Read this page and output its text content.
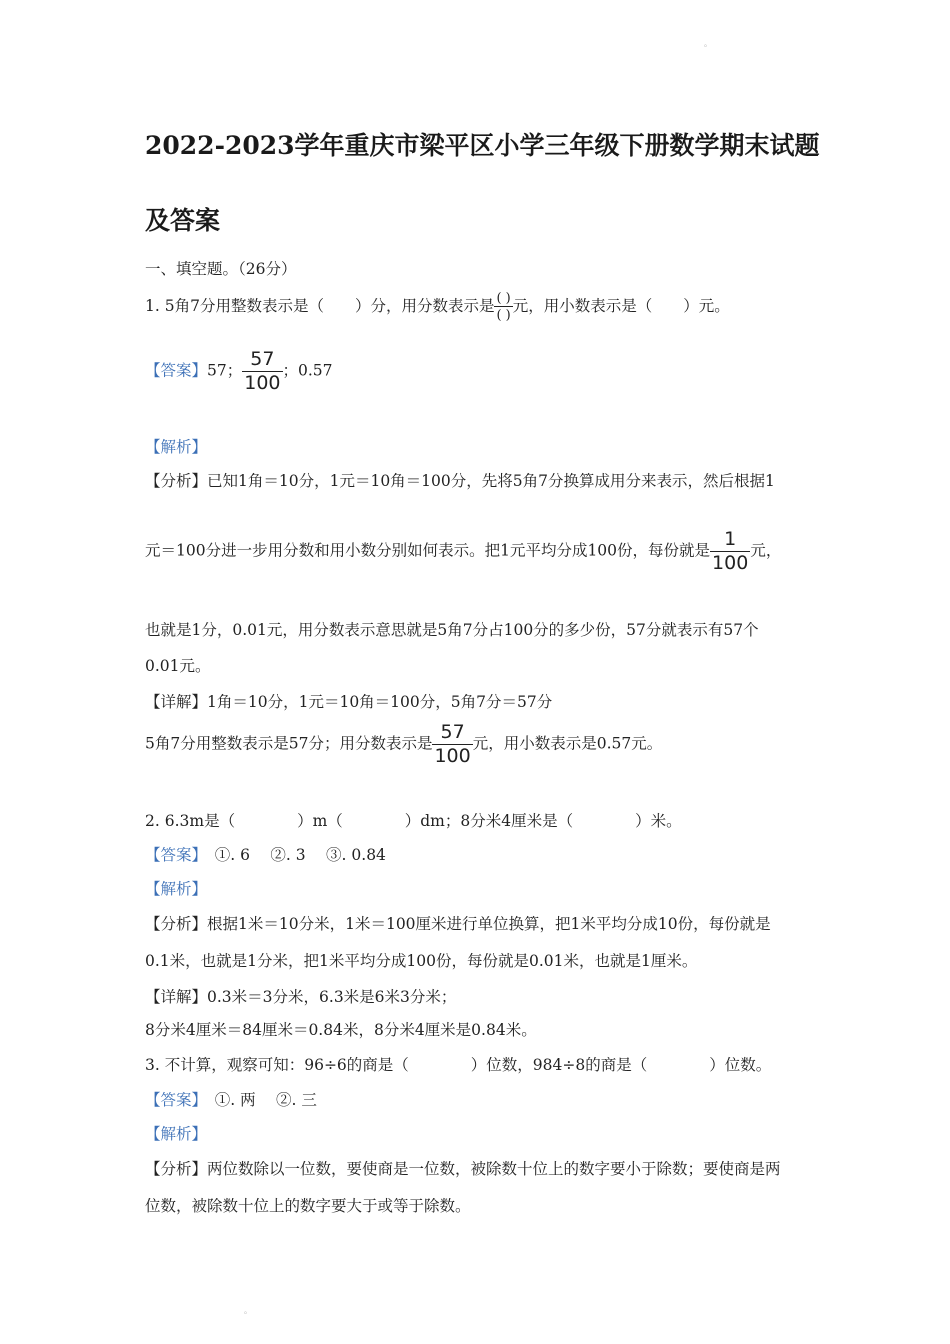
。
2022-2023学年重庆市梁平区小学三年级下册数学期末试题
及答案
一、填空题。（26分）
1. 5角7分用整数表示是（　　）分，用分数表示是 $\frac{( )}{( )}$ 元，用小数表示是（　　）元。
【答案】57； $\frac{57}{100}$ ；0.57
【解析】
【分析】已知1角＝10分，1元＝10角＝100分，先将5角7分换算成用分来表示，然后根据1
元＝100分进一步用分数和用小数分别如何表示。把1元平均分成100份，每份就是 $\frac{1}{100}$ 元，
也就是1分，0.01元，用分数表示意思就是5角7分占100分的多少份，57分就表示有57个
0.01元。
【详解】1角＝10分，1元＝10角＝100分，5角7分＝57分
5角7分用整数表示是57分；用分数表示是 $\frac{57}{100}$ 元，用小数表示是0.57元。
2. 6.3m是（　　　　）m（　　　　）dm；8分米4厘米是（　　　　）米。
【答案】　①. 6　 ②. 3　 ③. 0.84
【解析】
【分析】根据1米＝10分米，1米＝100厘米进行单位换算，把1米平均分成10份，每份就是
0.1米，也就是1分米，把1米平均分成100份，每份就是0.01米，也就是1厘米。
【详解】0.3米＝3分米，6.3米是6米3分米；
8分米4厘米＝84厘米＝0.84米，8分米4厘米是0.84米。
3. 不计算，观察可知：96÷6的商是（　　　　）位数，984÷8的商是（　　　　）位数。
【答案】　①. 两　 ②. 三
【解析】
【分析】两位数除以一位数，要使商是一位数，被除数十位上的数字要小于除数；要使商是两
位数，被除数十位上的数字要大于或等于除数。
。
